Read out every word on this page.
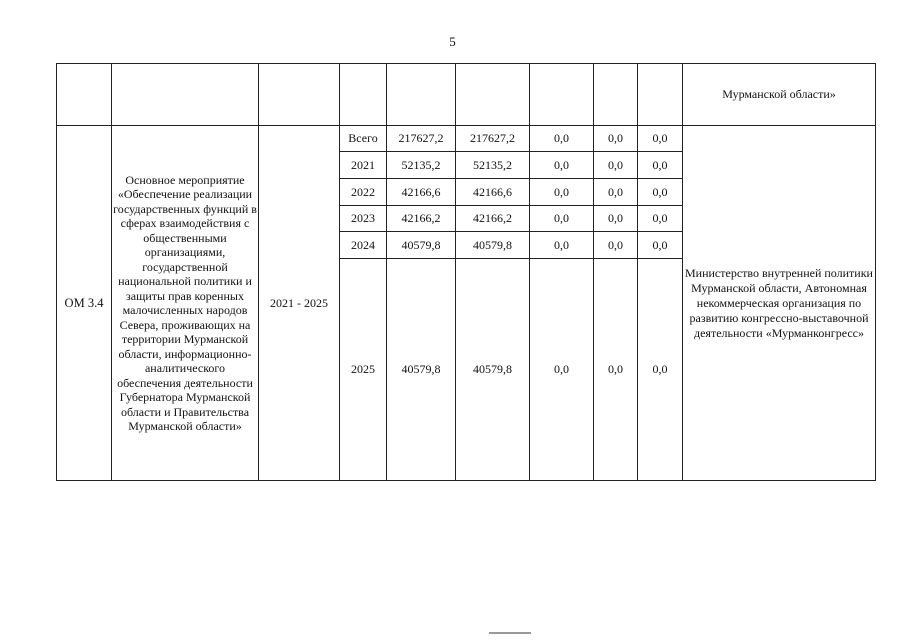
5
									Мурманской области»
ОМ 3.4	Основное мероприятие «Обеспечение реализации государственных функций в сферах взаимодействия с общественными организациями, государственной национальной политики и защиты прав коренных малочисленных народов Севера, проживающих на территории Мурманской области, информационно-аналитического обеспечения деятельности Губернатора Мурманской области и Правительства Мурманской области»	2021 - 2025	Всего	217627,2	217627,2	0,0	0,0	0,0	Министерство внутренней политики Мурманской области, Автономная некоммерческая организация по развитию конгрессно-выставочной деятельности «Мурманконгресс»
			2021	52135,2	52135,2	0,0	0,0	0,0	
			2022	42166,6	42166,6	0,0	0,0	0,0	
			2023	42166,2	42166,2	0,0	0,0	0,0	
			2024	40579,8	40579,8	0,0	0,0	0,0	
			2025	40579,8	40579,8	0,0	0,0	0,0	
